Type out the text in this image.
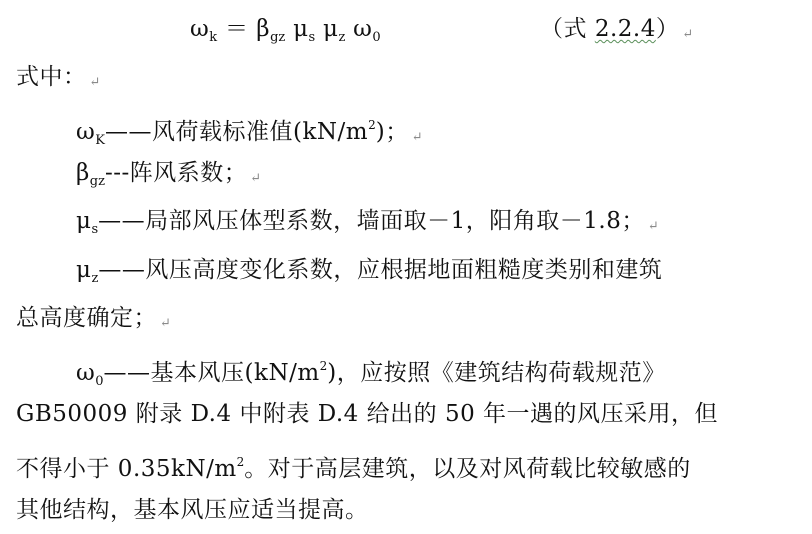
$\omega_k = \beta_{gz}$ $\mu_s$ $\mu_z$ $\omega_0$	（式 2.2.4） ↵
式中： ↵
$\omega_K——$风荷载标准值$(kN/m^2)$； ↵
$\beta_{gz}---$阵风系数； ↵
$\mu_s——$局部风压体型系数，墙面取－1，阳角取－1.8； ↵
$\mu_z——$风压高度变化系数，应根据地面粗糙度类别和建筑
总高度确定； ↵
$\omega_0——$基本风压$(kN/m^2)$，应按照《建筑结构荷载规范》
GB50009 附录 D.4 中附表 D.4 给出的 50 年一遇的风压采用，但
不得小于 $0.35kN/m^2$。对于高层建筑，以及对风荷载比较敏感的
其他结构，基本风压应适当提高。
